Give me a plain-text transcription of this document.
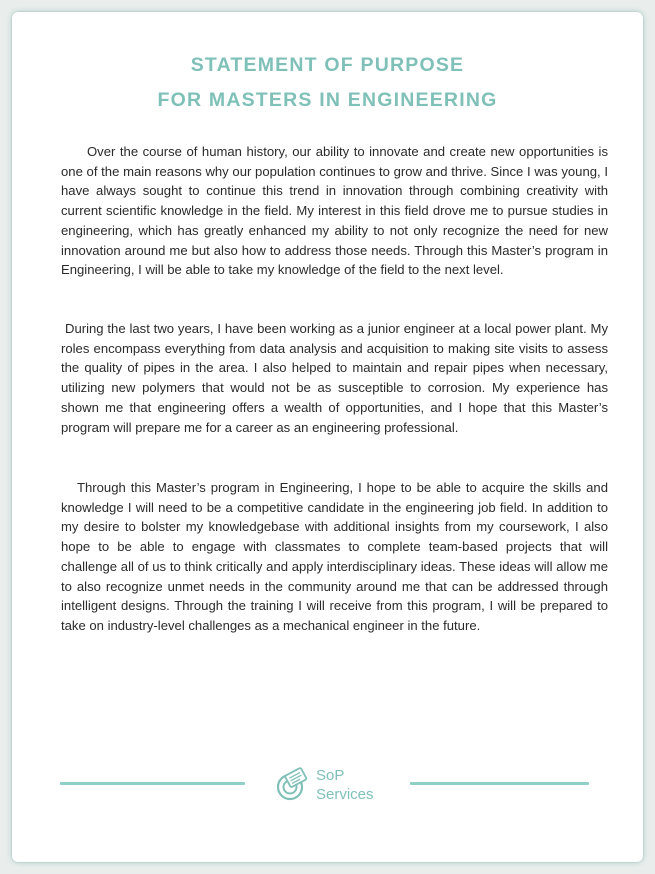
STATEMENT OF PURPOSE
FOR MASTERS IN ENGINEERING

Over the course of human history, our ability to innovate and create new opportunities is one of the main reasons why our population continues to grow and thrive. Since I was young, I have always sought to continue this trend in innovation through combining creativity with current scientific knowledge in the field. My interest in this field drove me to pursue studies in engineering, which has greatly enhanced my ability to not only recognize the need for new innovation around me but also how to address those needs. Through this Master’s program in Engineering, I will be able to take my knowledge of the field to the next level.

During the last two years, I have been working as a junior engineer at a local power plant. My roles encompass everything from data analysis and acquisition to making site visits to assess the quality of pipes in the area. I also helped to maintain and repair pipes when necessary, utilizing new polymers that would not be as susceptible to corrosion. My experience has shown me that engineering offers a wealth of opportunities, and I hope that this Master’s program will prepare me for a career as an engineering professional.

Through this Master’s program in Engineering, I hope to be able to acquire the skills and knowledge I will need to be a competitive candidate in the engineering job field. In addition to my desire to bolster my knowledgebase with additional insights from my coursework, I also hope to be able to engage with classmates to complete team-based projects that will challenge all of us to think critically and apply interdisciplinary ideas. These ideas will allow me to also recognize unmet needs in the community around me that can be addressed through intelligent designs. Through the training I will receive from this program, I will be prepared to take on industry-level challenges as a mechanical engineer in the future.

SoP
Services
